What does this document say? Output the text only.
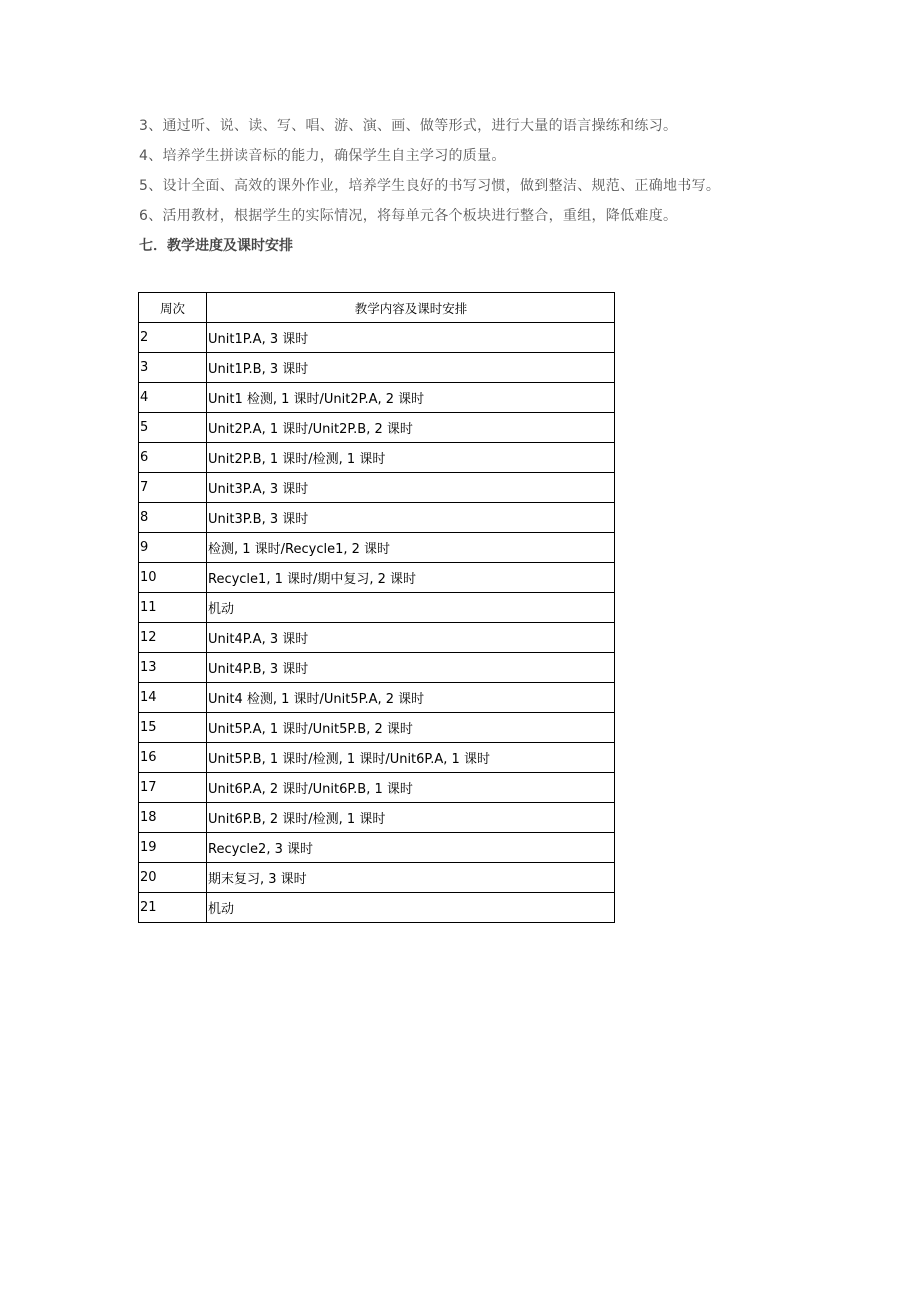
3、通过听、说、读、写、唱、游、演、画、做等形式，进行大量的语言操练和练习。

4、培养学生拼读音标的能力，确保学生自主学习的质量。

5、设计全面、高效的课外作业，培养学生良好的书写习惯，做到整洁、规范、正确地书写。

6、活用教材，根据学生的实际情况，将每单元各个板块进行整合，重组，降低难度。

七．教学进度及课时安排
周次	教学内容及课时安排
2	Unit1P.A, 3 课时
3	Unit1P.B, 3 课时
4	Unit1 检测, 1 课时/Unit2P.A, 2 课时
5	Unit2P.A, 1 课时/Unit2P.B, 2 课时
6	Unit2P.B, 1 课时/检测, 1 课时
7	Unit3P.A, 3 课时
8	Unit3P.B, 3 课时
9	检测, 1 课时/Recycle1, 2 课时
10	Recycle1, 1 课时/期中复习, 2 课时
11	机动
12	Unit4P.A, 3 课时
13	Unit4P.B, 3 课时
14	Unit4 检测, 1 课时/Unit5P.A, 2 课时
15	Unit5P.A, 1 课时/Unit5P.B, 2 课时
16	Unit5P.B, 1 课时/检测, 1 课时/Unit6P.A, 1 课时
17	Unit6P.A, 2 课时/Unit6P.B, 1 课时
18	Unit6P.B, 2 课时/检测, 1 课时
19	Recycle2, 3 课时
20	期末复习, 3 课时
21	机动
